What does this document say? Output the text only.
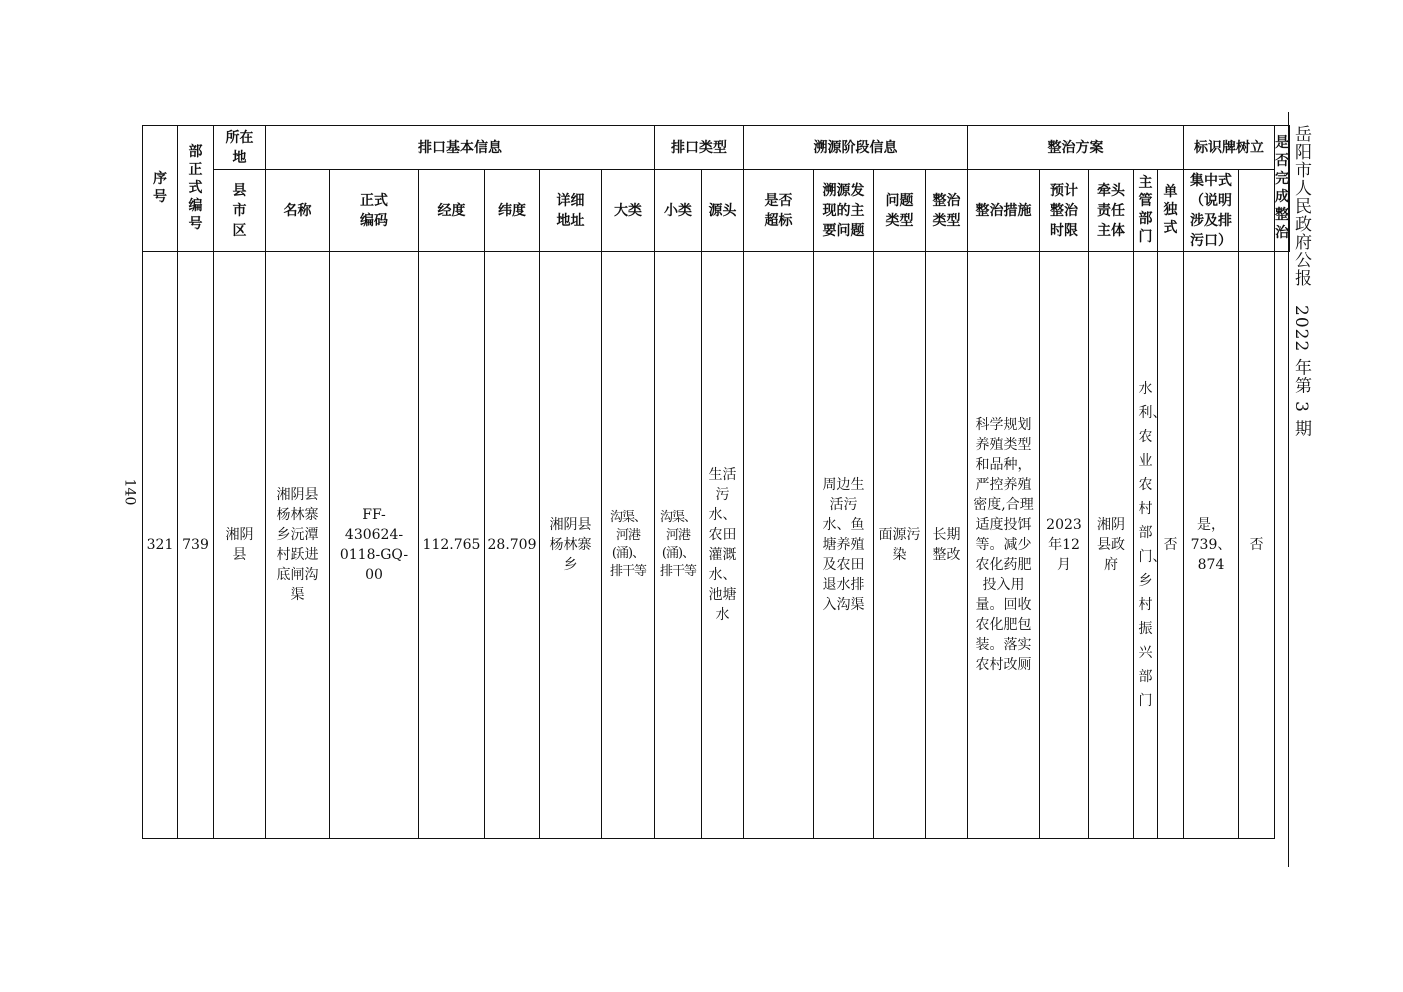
140
岳阳市人民政府公报　2022 年第 3 期
序号	部正式编号	所在地	排口基本信息						排口类型		溯源阶段信息				整治方案					标识牌树立		是否完成整治
		县市区	名称	正式编码	经度	纬度	详细地址	大类	小类	源头	是否超标	溯源发现的主要问题	问题类型	整治类型	整治措施	预计整治时限	牵头责任主体	主管部门	单独式	集中式（说明涉及排污口）		
321	739	湘阴县	湘阴县杨林寨乡沅潭村跃进底闸沟渠	FF-430624-0118-GQ-00	112.765	28.709	湘阴县杨林寨乡	沟渠、河港(涌)、排干等	沟渠、河港(涌)、排干等	生活污水、农田灌溉水、池塘水		周边生活污水、鱼塘养殖及农田退水排入沟渠	面源污染	长期整改	科学规划养殖类型和品种，严控养殖密度,合理适度投饵等。减少农化药肥投入用量。回收农化肥包装。落实农村改厕	2023年12月	湘阴县政府	水利、农业农村部门、乡村振兴部门	否	是，739、874	否	
